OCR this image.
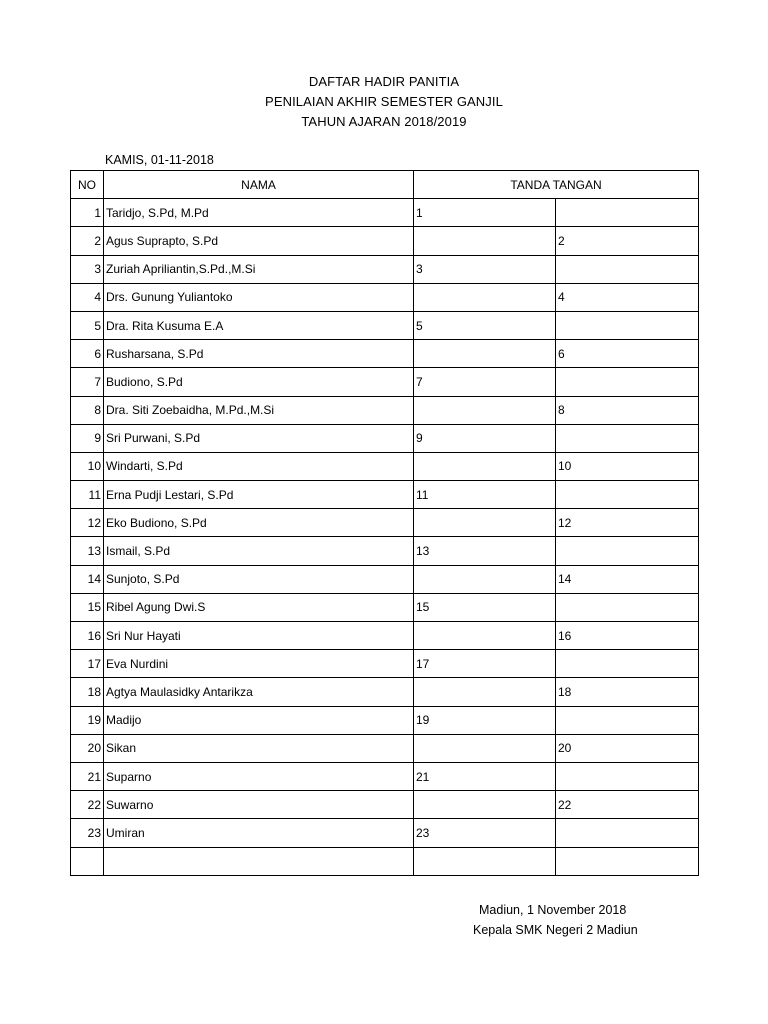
DAFTAR HADIR PANITIA
PENILAIAN AKHIR SEMESTER GANJIL
TAHUN AJARAN 2018/2019
KAMIS, 01-11-2018
NO	NAMA	TANDA TANGAN	
1	Taridjo, S.Pd, M.Pd	1	
2	Agus Suprapto, S.Pd		2
3	Zuriah Apriliantin,S.Pd.,M.Si	3	
4	Drs. Gunung Yuliantoko		4
5	Dra. Rita Kusuma E.A	5	
6	Rusharsana, S.Pd		6
7	Budiono, S.Pd	7	
8	Dra. Siti Zoebaidha, M.Pd.,M.Si		8
9	Sri Purwani, S.Pd	9	
10	Windarti, S.Pd		10
11	Erna Pudji Lestari, S.Pd	11	
12	Eko Budiono, S.Pd		12
13	Ismail, S.Pd	13	
14	Sunjoto, S.Pd		14
15	Ribel Agung Dwi.S	15	
16	Sri Nur Hayati		16
17	Eva Nurdini	17	
18	Agtya Maulasidky Antarikza		18
19	Madijo	19	
20	Sikan		20
21	Suparno	21	
22	Suwarno		22
23	Umiran	23	

Madiun, 1 November 2018
Kepala SMK Negeri 2 Madiun
